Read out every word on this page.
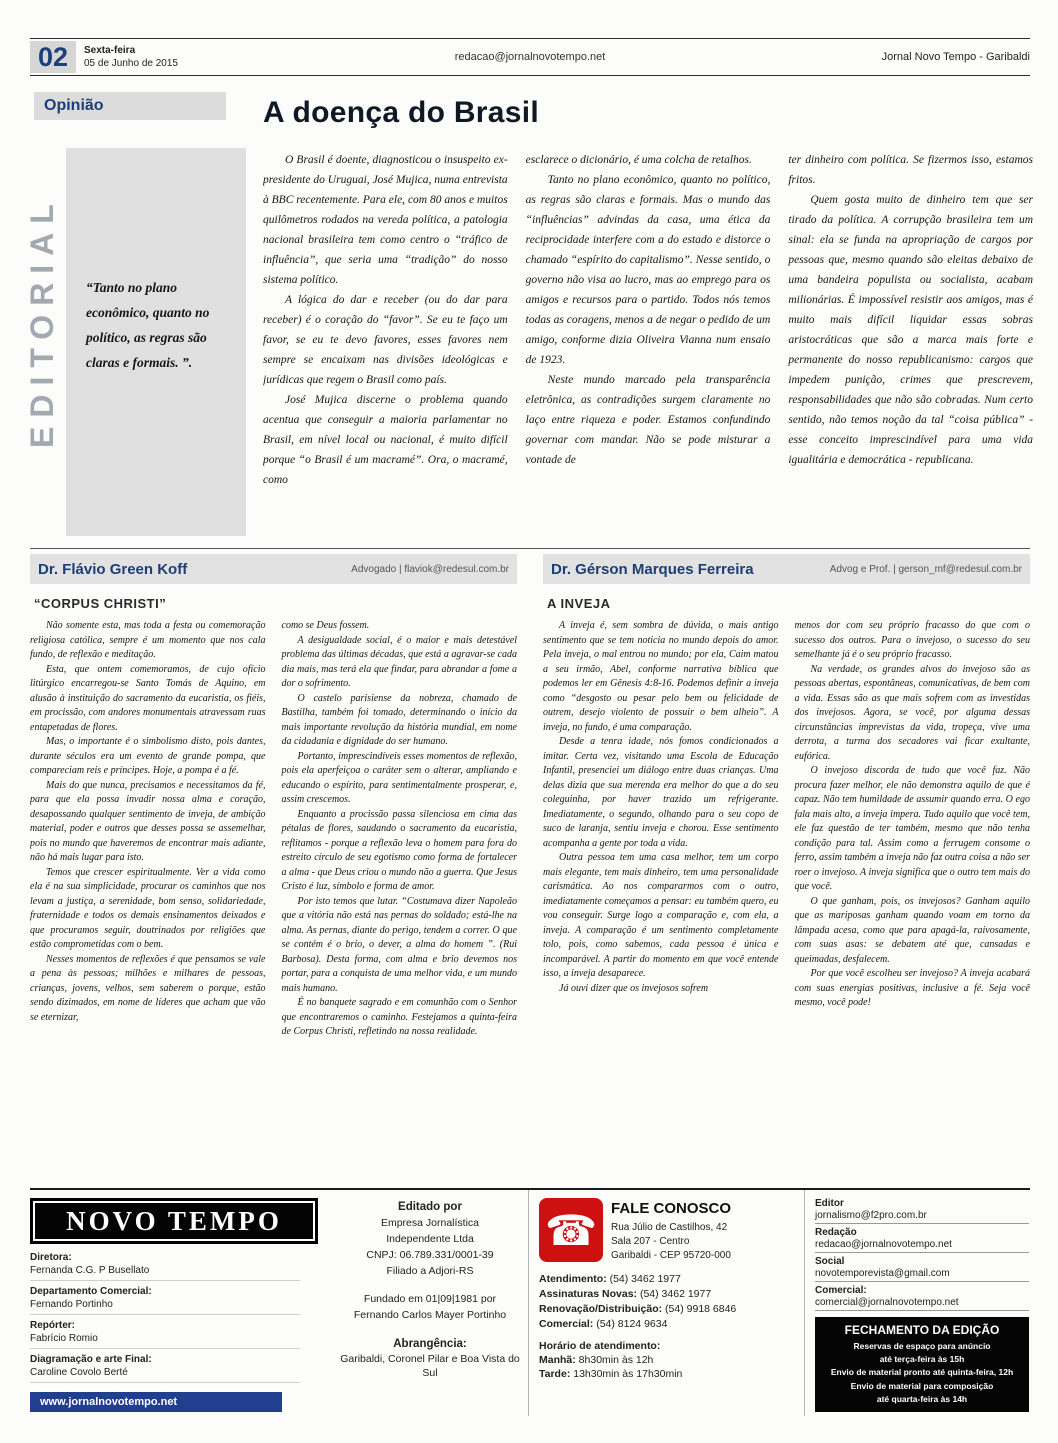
02	Sexta-feira
05 de Junho de 2015
redacao@jornalnovotempo.net	Jornal Novo Tempo - Garibaldi
Opinião	A doença do Brasil
EDITORIAL	“Tanto no plano econômico, quanto no político, as regras são claras e formais. ”.

O Brasil é doente, diagnosticou o insuspeito ex-presidente do Uruguai, José Mujica, numa entrevista à BBC recentemente. Para ele, com 80 anos e muitos quilômetros rodados na vereda política, a patologia nacional brasileira tem como centro o “tráfico de influência”, que seria uma “tradição” do nosso sistema político.

A lógica do dar e receber (ou do dar para receber) é o coração do “favor”. Se eu te faço um favor, se eu te devo favores, esses favores nem sempre se encaixam nas divisões ideológicas e jurídicas que regem o Brasil como país.

José Mujica discerne o problema quando acentua que conseguir a maioria parlamentar no Brasil, em nível local ou nacional, é muito difícil porque “o Brasil é um macramé”. Ora, o macramé, como

esclarece o dicionário, é uma colcha de retalhos.

Tanto no plano econômico, quanto no político, as regras são claras e formais. Mas o mundo das “influências” advindas da casa, uma ética da reciprocidade interfere com a do estado e distorce o chamado “espírito do capitalismo”. Nesse sentido, o governo não visa ao lucro, mas ao emprego para os amigos e recursos para o partido. Todos nós temos todas as coragens, menos a de negar o pedido de um amigo, conforme dizia Oliveira Vianna num ensaio de 1923.

Neste mundo marcado pela transparência eletrônica, as contradições surgem claramente no laço entre riqueza e poder. Estamos confundindo governar com mandar. Não se pode misturar a vontade de

ter dinheiro com política. Se fizermos isso, estamos fritos.

Quem gosta muito de dinheiro tem que ser tirado da política. A corrupção brasileira tem um sinal: ela se funda na apropriação de cargos por pessoas que, mesmo quando são eleitas debaixo de uma bandeira populista ou socialista, acabam milionárias. É impossível resistir aos amigos, mas é muito mais difícil liquidar essas sobras aristocráticas que são a marca mais forte e permanente do nosso republicanismo: cargos que impedem punição, crimes que prescrevem, responsabilidades que não são cobradas. Num certo sentido, não temos noção da tal “coisa pública” - esse conceito imprescindível para uma vida igualitária e democrática - republicana.

Dr. Flávio Green Koff	Advogado | flaviok@redesul.com.br
“CORPUS CHRISTI”

Não somente esta, mas toda a festa ou comemoração religiosa católica, sempre é um momento que nos cala fundo, de reflexão e meditação.

Esta, que ontem comemoramos, de cujo ofício litúrgico encarregou-se Santo Tomás de Aquino, em alusão à instituição do sacramento da eucaristia, os fiéis, em procissão, com andores monumentais atravessam ruas entapetadas de flores.

Mas, o importante é o simbolismo disto, pois dantes, durante séculos era um evento de grande pompa, que compareciam reis e príncipes. Hoje, a pompa é a fé.

Mais do que nunca, precisamos e necessitamos da fé, para que ela possa invadir nossa alma e coração, desapossando qualquer sentimento de inveja, de ambição material, poder e outros que desses possa se assemelhar, pois no mundo que haveremos de encontrar mais adiante, não há mais lugar para isto.

Temos que crescer espiritualmente. Ver a vida como ela é na sua simplicidade, procurar os caminhos que nos levam a justiça, a serenidade, bom senso, solidariedade, fraternidade e todos os demais ensinamentos deixados e que procuramos seguir, doutrinados por religiões que estão comprometidas com o bem.

Nesses momentos de reflexões é que pensamos se vale a pena às pessoas; milhões e milhares de pessoas, crianças, jovens, velhos, sem saberem o porque, estão sendo dizimados, em nome de líderes que acham que vão se eternizar,

como se Deus fossem.

A desigualdade social, é o maior e mais detestável problema das últimas décadas, que está a agravar-se cada dia mais, mas terá ela que findar, para abrandar a fome a dor o sofrimento.

O castelo parisiense da nobreza, chamado de Bastilha, também foi tomado, determinando o início da mais importante revolução da história mundial, em nome da cidadania e dignidade do ser humano.

Portanto, imprescindíveis esses momentos de reflexão, pois ela aperfeiçoa o caráter sem o alterar, ampliando e educando o espírito, para sentimentalmente prosperar, e, assim crescemos.

Enquanto a procissão passa silenciosa em cima das pétalas de flores, saudando o sacramento da eucaristia, reflitamos - porque a reflexão leva o homem para fora do estreito círculo de seu egotismo como forma de fortalecer a alma - que Deus criou o mundo não a guerra. Que Jesus Cristo é luz, símbolo e forma de amor.

Por isto temos que lutar. “Costumava dizer Napoleão que a vitória não está nas pernas do soldado; está-lhe na alma. As pernas, diante do perigo, tendem a correr. O que se contém é o brio, o dever, a alma do homem ”. (Rui Barbosa). Desta forma, com alma e brio devemos nos portar, para a conquista de uma melhor vida, e um mundo mais humano.

É no banquete sagrado e em comunhão com o Senhor que encontraremos o caminho. Festejamos a quinta-feira de Corpus Christi, refletindo na nossa realidade.

Dr. Gérson Marques Ferreira	Advog e Prof. | gerson_mf@redesul.com.br
A INVEJA

A inveja é, sem sombra de dúvida, o mais antigo sentimento que se tem noticia no mundo depois do amor. Pela inveja, o mal entrou no mundo; por ela, Caim matou a seu irmão, Abel, conforme narrativa bíblica que podemos ler em Gênesis 4:8-16. Podemos definir a inveja como “desgosto ou pesar pelo bem ou felicidade de outrem, desejo violento de possuir o bem alheio”. A inveja, no fundo, é uma comparação.

Desde a tenra idade, nós fomos condicionados a imitar. Certa vez, visitando uma Escola de Educação Infantil, presenciei um diálogo entre duas crianças. Uma delas dizia que sua merenda era melhor do que a do seu coleguinha, por haver trazido um refrigerante. Imediatamente, o segundo, olhando para o seu copo de suco de laranja, sentiu inveja e chorou. Esse sentimento acompanha a gente por toda a vida.

Outra pessoa tem uma casa melhor, tem um corpo mais elegante, tem mais dinheiro, tem uma personalidade carismática. Ao nos compararmos com o outro, imediatamente começamos a pensar: eu também quero, eu vou conseguir. Surge logo a comparação e, com ela, a inveja. A comparação é um sentimento completamente tolo, pois, como sabemos, cada pessoa é única e incomparável. A partir do momento em que você entende isso, a inveja desaparece.

Já ouvi dizer que os invejosos sofrem

menos dor com seu próprio fracasso do que com o sucesso dos outros. Para o invejoso, o sucesso do seu semelhante já é o seu próprio fracasso.

Na verdade, os grandes alvos do invejoso são as pessoas abertas, espontâneas, comunicativas, de bem com a vida. Essas são as que mais sofrem com as investidas dos invejosos. Agora, se você, por alguma dessas circunstâncias imprevistas da vida, tropeça, vive uma derrota, a turma dos secadores vai ficar exultante, eufórica.

O invejoso discorda de tudo que você faz. Não procura fazer melhor, ele não demonstra aquilo de que é capaz. Não tem humildade de assumir quando erra. O ego fala mais alto, a inveja impera. Tudo aquilo que você tem, ele faz questão de ter também, mesmo que não tenha condição para tal. Assim como a ferrugem consome o ferro, assim também a inveja não faz outra coisa a não ser roer o invejoso. A inveja significa que o outro tem mais do que você.

O que ganham, pois, os invejosos? Ganham aquilo que as mariposas ganham quando voam em torno da lâmpada acesa, como que para apagá-la, raivosamente, com suas asas: se debatem até que, cansadas e queimadas, desfalecem.

Por que você escolheu ser invejoso? A inveja acabará com suas energias positivas, inclusive a fé. Seja você mesmo, você pode!

NOVO TEMPO
Diretora:
Fernanda C.G. P Busellato
Departamento Comercial:
Fernando Portinho
Repórter:
Fabrício Romio
Diagramação e arte Final:
Caroline Covolo Berté
www.jornalnovotempo.net
Editado por

Empresa Jornalística

Independente Ltda

CNPJ: 06.789.331/0001-39

Filiado a Adjori-RS

Fundado em 01|09|1981 por

Fernando Carlos Mayer Portinho

Abrangência:
Garibaldi, Coronel Pilar e Boa Vista do Sul
☎ FALE CONOSCO

Rua Júlio de Castilhos, 42

Sala 207 - Centro

Garibaldi - CEP 95720-000

Atendimento: (54) 3462 1977
Assinaturas Novas: (54) 3462 1977
Renovação/Distribuição: (54) 9918 6846
Comercial: (54) 8124 9634
Horário de atendimento:
Manhã: 8h30min às 12h
Tarde: 13h30min às 17h30min
Editor
jornalismo@f2pro.com.br
Redação
redacao@jornalnovotempo.net
Social
novotemporevista@gmail.com
Comercial:
comercial@jornalnovotempo.net
FECHAMENTO DA EDIÇÃO

Reservas de espaço para anúncio

até terça-feira às 15h

Envio de material pronto até quinta-feira, 12h

Envio de material para composição

até quarta-feira às 14h
